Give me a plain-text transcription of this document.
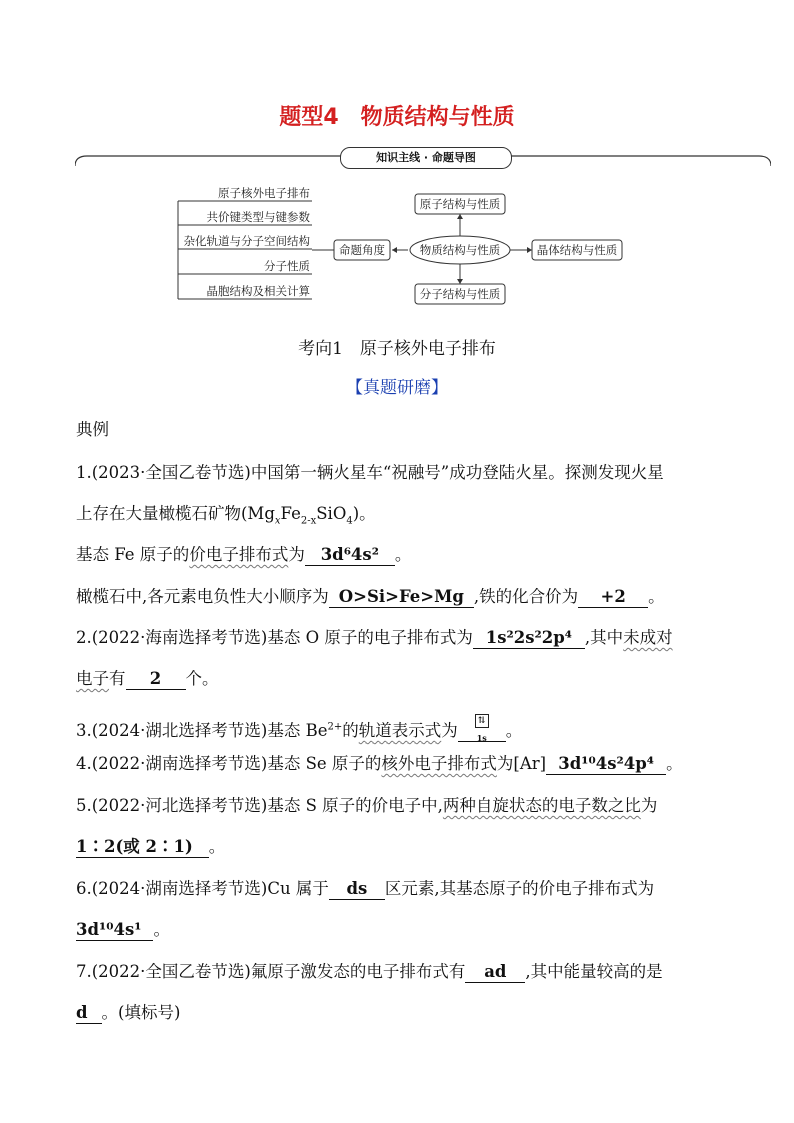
题型4　物质结构与性质
知识主线 · 命题导图
原子核外电子排布
共价键类型与键参数
杂化轨道与分子空间结构
分子性质
晶胞结构及相关计算
命题角度	物质结构与性质
原子结构与性质
晶体结构与性质
分子结构与性质
考向1　原子核外电子排布
【真题研磨】
典例
1.(2023·全国乙卷节选)中国第一辆火星车“祝融号”成功登陆火星。探测发现火星
上存在大量橄榄石矿物$(Mg_xFe_{2-x}SiO_4)$。
基态 Fe 原子的价电子排布式为 3d⁶4s² 。
橄榄石中,各元素电负性大小顺序为 O>Si>Fe>Mg ,铁的化合价为 +2 。
2.(2022·海南选择考节选)基态 O 原子的电子排布式为 1s²2s²2p⁴ ,其中未成对
电子有 2 个。
3.(2024·湖北选择考节选)基态 $Be^{2+}$的轨道表示式为	⇅
1s 。
4.(2022·湖南选择考节选)基态 Se 原子的核外电子排布式为[Ar] 3d¹⁰4s²4p⁴ 。
5.(2022·河北选择考节选)基态 S 原子的价电子中,两种自旋状态的电子数之比为
1∶2(或 2∶1) 。
6.(2024·湖南选择考节选)Cu 属于 ds 区元素,其基态原子的价电子排布式为
3d¹⁰4s¹ 。
7.(2022·全国乙卷节选)氟原子激发态的电子排布式有 ad ,其中能量较高的是
d 。(填标号)
